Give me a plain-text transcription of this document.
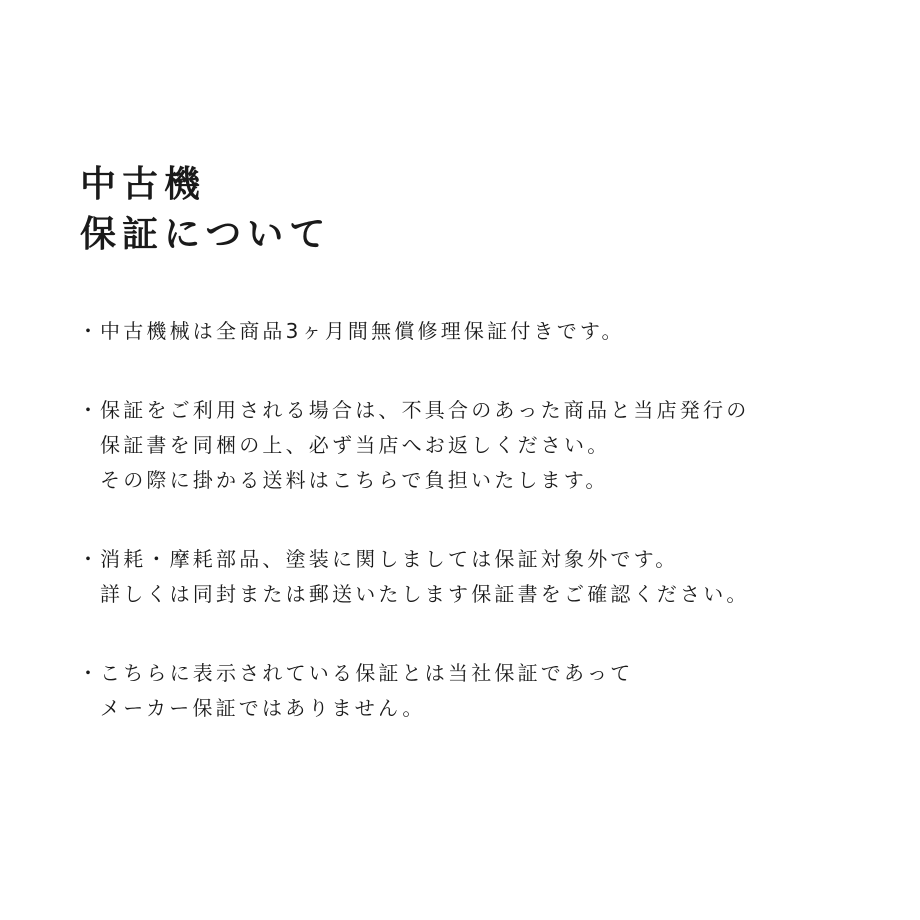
中古機
保証について
・中古機械は全商品3ヶ月間無償修理保証付きです。
・保証をご利用される場合は、不具合のあった商品と当店発行の
保証書を同梱の上、必ず当店へお返しください。
その際に掛かる送料はこちらで負担いたします。
・消耗・摩耗部品、塗装に関しましては保証対象外です。
詳しくは同封または郵送いたします保証書をご確認ください。
・こちらに表示されている保証とは当社保証であって
メーカー保証ではありません。
